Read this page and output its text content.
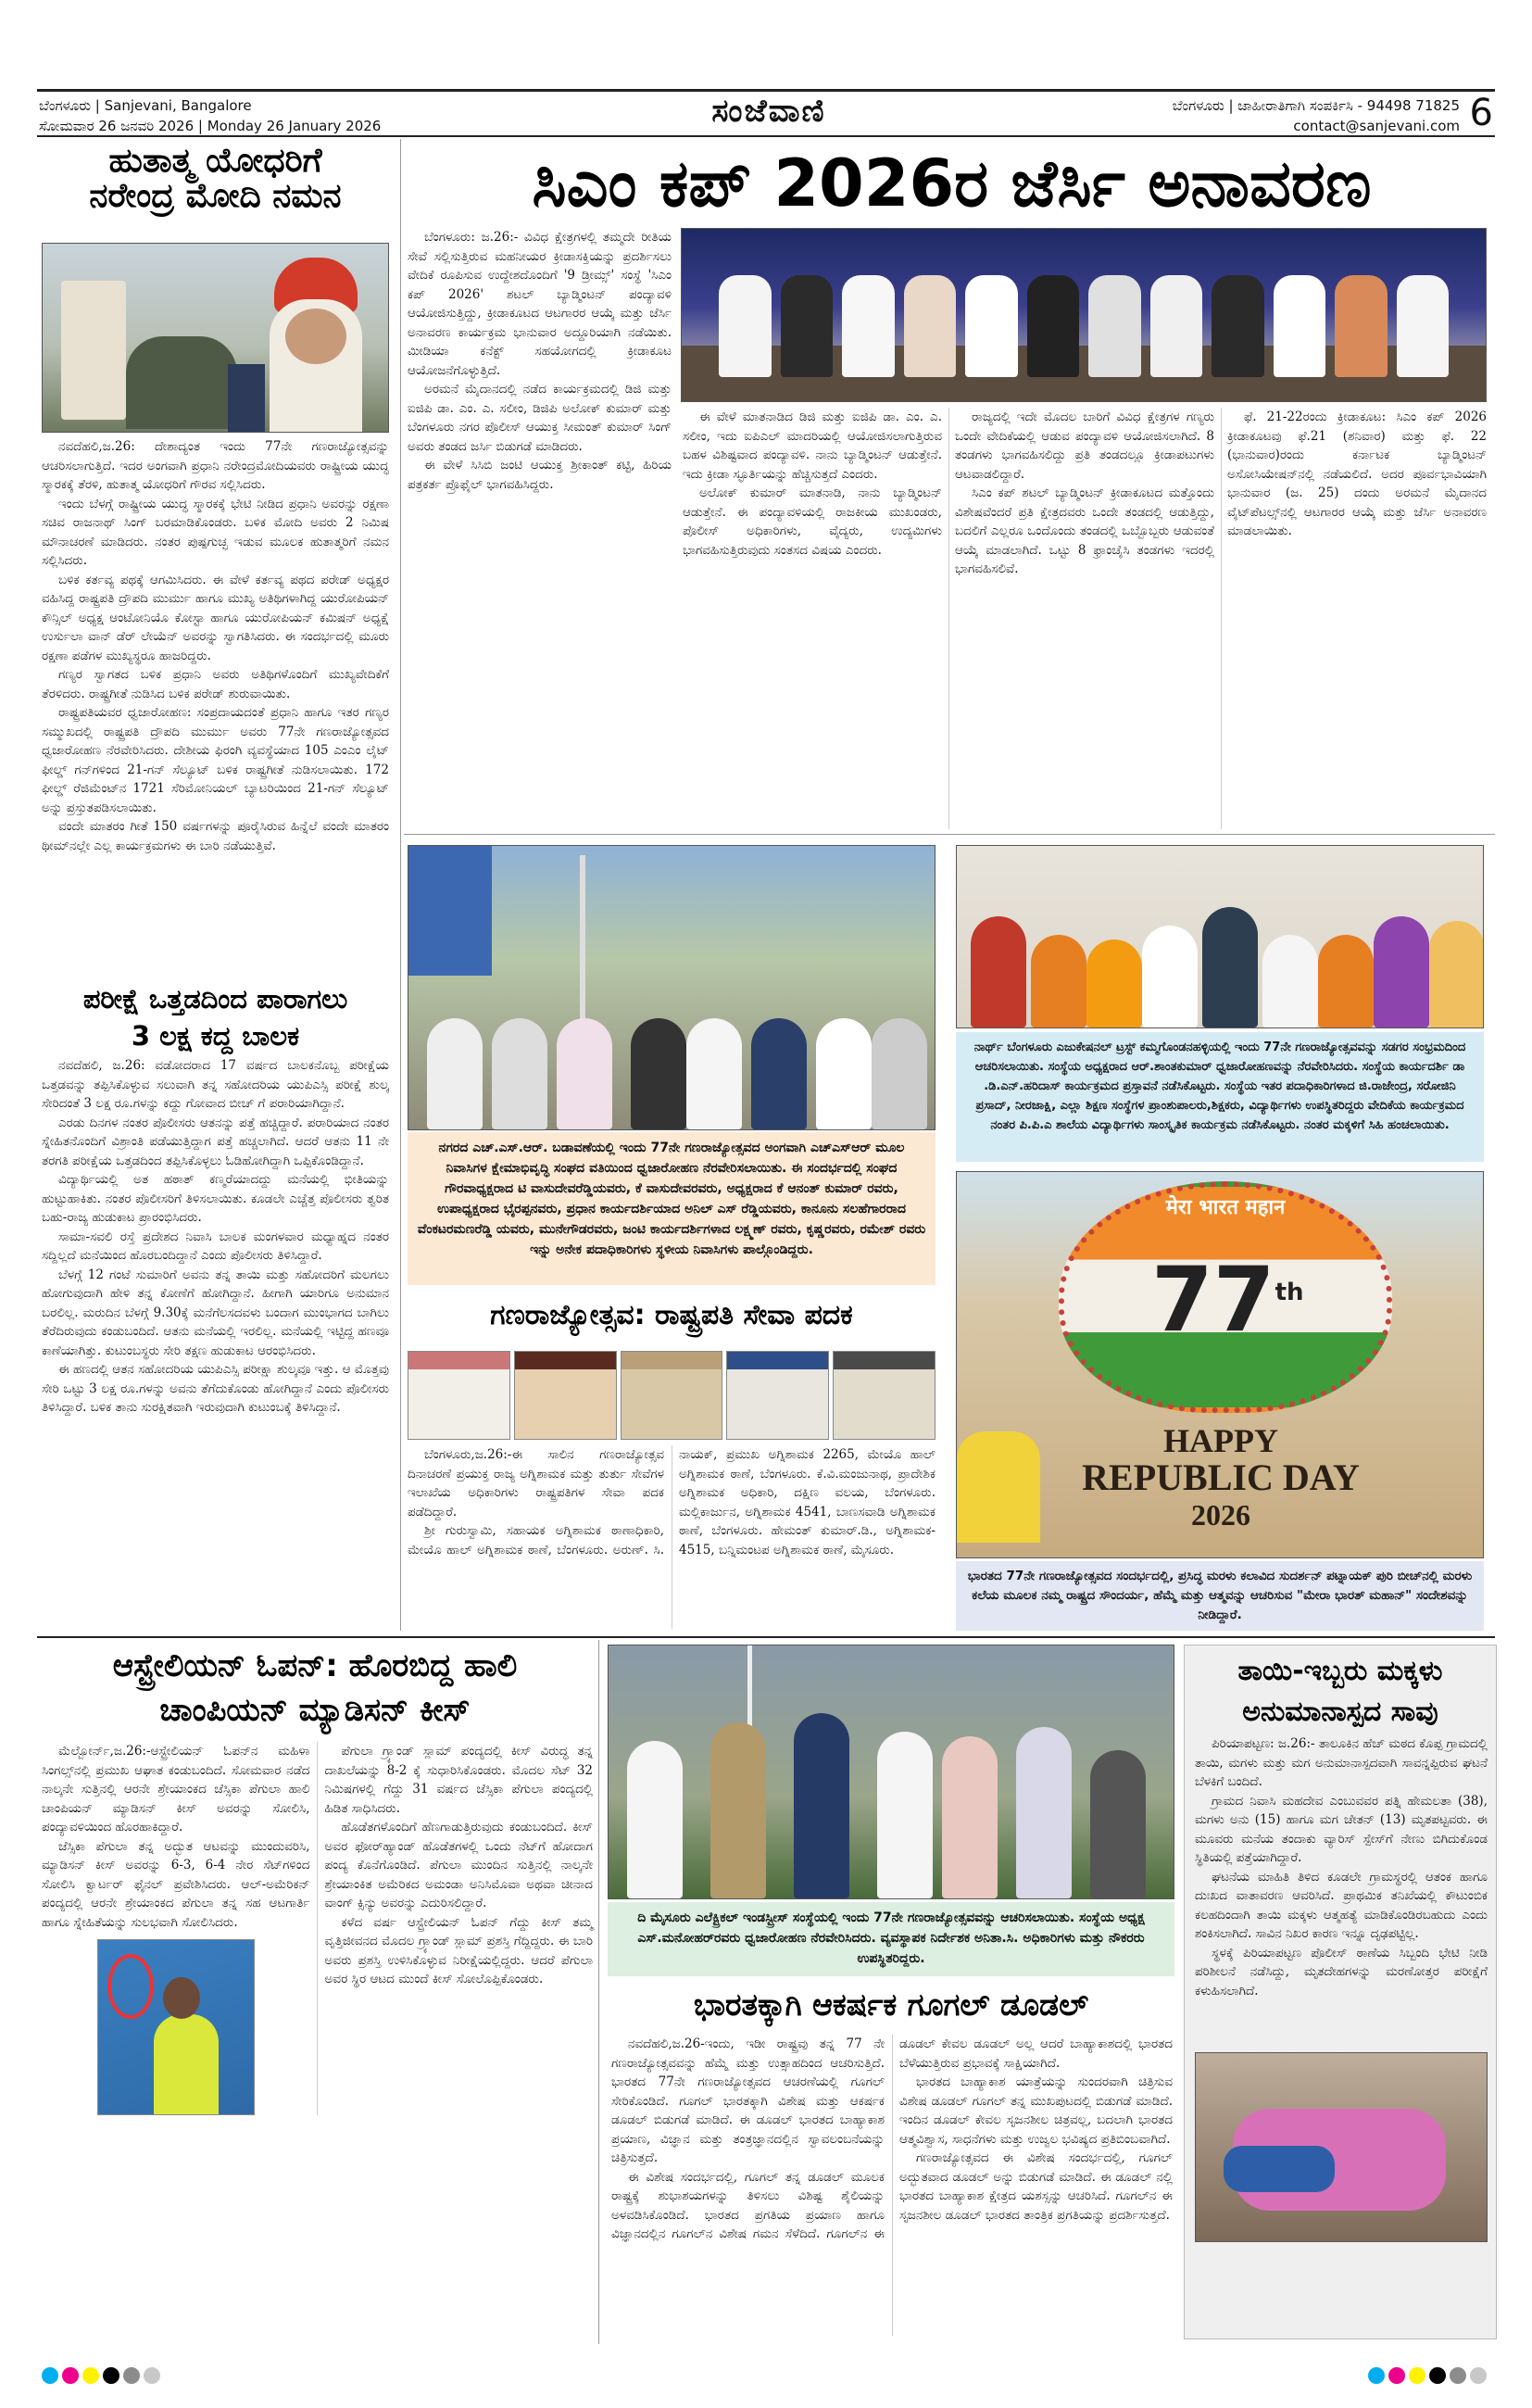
ಬೆಂಗಳೂರು | Sanjevani, Bangalore
ಸೋಮವಾರ 26 ಜನವರಿ 2026 | Monday 26 January 2026	ಸಂಜೆವಾಣಿ	ಬೆಂಗಳೂರು | ಜಾಹೀರಾತಿಗಾಗಿ ಸಂಪರ್ಕಿಸಿ - 94498 71825
contact@sanjevani.com 6
ಹುತಾತ್ಮ ಯೋಧರಿಗೆ
ನರೇಂದ್ರ ಮೋದಿ ನಮನ

ನವದೆಹಲಿ,ಜ.26: ದೇಶಾದ್ಯಂತ ಇಂದು 77ನೇ ಗಣರಾಜ್ಯೋತ್ಸವನ್ನು ಆಚರಿಸಲಾಗುತ್ತಿದೆ. ಇದರ ಅಂಗವಾಗಿ ಪ್ರಧಾನಿ ನರೇಂದ್ರಮೋದಿಯವರು ರಾಷ್ಟ್ರೀಯ ಯುದ್ಧ ಸ್ಮಾರಕಕ್ಕೆ ತೆರಳಿ, ಹುತಾತ್ಮ ಯೋಧರಿಗೆ ಗೌರವ ಸಲ್ಲಿಸಿದರು.

ಇಂದು ಬೆಳಗ್ಗೆ ರಾಷ್ಟ್ರೀಯ ಯುದ್ಧ ಸ್ಮಾರಕಕ್ಕೆ ಭೇಟಿ ನೀಡಿದ ಪ್ರಧಾನಿ ಅವರನ್ನು ರಕ್ಷಣಾ ಸಚಿವ ರಾಜನಾಥ್ ಸಿಂಗ್ ಬರಮಾಡಿಕೊಂಡರು. ಬಳಿಕ ಮೋದಿ ಅವರು 2 ನಿಮಿಷ ಮೌನಾಚರಣೆ ಮಾಡಿದರು. ನಂತರ ಪುಷ್ಪಗುಚ್ಛ ಇಡುವ ಮೂಲಕ ಹುತಾತ್ಮರಿಗೆ ನಮನ ಸಲ್ಲಿಸಿದರು.

ಬಳಿಕ ಕರ್ತವ್ಯ ಪಥಕ್ಕೆ ಆಗಮಿಸಿದರು. ಈ ವೇಳೆ ಕರ್ತವ್ಯ ಪಥದ ಪರೇಡ್ ಅಧ್ಯಕ್ಷರ ವಹಿಸಿದ್ದ ರಾಷ್ಟ್ರಪತಿ ದ್ರೌಪದಿ ಮುರ್ಮು ಹಾಗೂ ಮುಖ್ಯ ಅತಿಥಿಗಳಾಗಿದ್ದ ಯುರೋಪಿಯನ್ ಕೌನ್ಸಿಲ್ ಅಧ್ಯಕ್ಷ ಆಂಟೋನಿಯೊ ಕೋಸ್ಟಾ ಹಾಗೂ ಯುರೋಪಿಯನ್ ಕಮಿಷನ್ ಅಧ್ಯಕ್ಷೆ ಉರ್ಸುಲಾ ವಾನ್ ಡೆರ್ ಲೇಯೆನ್ ಅವರನ್ನು ಸ್ವಾಗತಿಸಿದರು. ಈ ಸಂದರ್ಭದಲ್ಲಿ ಮೂರು ರಕ್ಷಣಾ ಪಡೆಗಳ ಮುಖ್ಯಸ್ಥರೂ ಹಾಜರಿದ್ದರು.

ಗಣ್ಯರ ಸ್ವಾಗತದ ಬಳಿಕ ಪ್ರಧಾನಿ ಅವರು ಅತಿಥಿಗಳೊಂದಿಗೆ ಮುಖ್ಯವೇದಿಕೆಗೆ ತೆರಳಿದರು. ರಾಷ್ಟ್ರಗೀತೆ ನುಡಿಸಿದ ಬಳಿಕ ಪರೇಡ್ ಶುರುವಾಯಿತು.

ರಾಷ್ಟ್ರಪತಿಯವರ ಧ್ವಜಾರೋಹಣ: ಸಂಪ್ರದಾಯದಂತೆ ಪ್ರಧಾನಿ ಹಾಗೂ ಇತರ ಗಣ್ಯರ ಸಮ್ಮುಖದಲ್ಲಿ ರಾಷ್ಟ್ರಪತಿ ದ್ರೌಪದಿ ಮುರ್ಮು ಅವರು 77ನೇ ಗಣರಾಜ್ಯೋತ್ಸವದ ಧ್ವಜಾರೋಹಣ ನೆರವೇರಿಸಿದರು. ದೇಶೀಯ ಫಿರಂಗಿ ವ್ಯವಸ್ಥೆಯಾದ 105 ಎಂಎಂ ಲೈಟ್ ಫೀಲ್ಡ್ ಗನ್‌ಗಳಿಂದ 21-ಗನ್ ಸೆಲ್ಯೂಟ್ ಬಳಿಕ ರಾಷ್ಟ್ರಗೀತೆ ನುಡಿಸಲಾಯಿತು. 172 ಫೀಲ್ಡ್ ರೆಜಿಮೆಂಟ್‌ನ 1721 ಸೆರಿಮೋನಿಯಲ್ ಬ್ಯಾಟರಿಯಿಂದ 21-ಗನ್ ಸೆಲ್ಯೂಟ್ ಅನ್ನು ಪ್ರಸ್ತುತಪಡಿಸಲಾಯಿತು.

ವಂದೇ ಮಾತರಂ ಗೀತೆ 150 ವರ್ಷಗಳನ್ನು ಪೂರೈಸಿರುವ ಹಿನ್ನೆಲೆ ವಂದೇ ಮಾತರಂ ಥೀಮ್‌ನಲ್ಲೇ ಎಲ್ಲ ಕಾರ್ಯಕ್ರಮಗಳು ಈ ಬಾರಿ ನಡೆಯುತ್ತಿವೆ.

ಪರೀಕ್ಷೆ ಒತ್ತಡದಿಂದ ಪಾರಾಗಲು
3 ಲಕ್ಷ ಕದ್ದ ಬಾಲಕ

ನವದೆಹಲಿ, ಜ.26: ವಡೋದರಾದ 17 ವರ್ಷದ ಬಾಲಕನೊಬ್ಬ ಪರೀಕ್ಷೆಯ ಒತ್ತಡವನ್ನು ತಪ್ಪಿಸಿಕೊಳ್ಳುವ ಸಲುವಾಗಿ ತನ್ನ ಸಹೋದರಿಯ ಯುಪಿಎಸ್ಸಿ ಪರೀಕ್ಷೆ ಶುಲ್ಕ ಸೇರಿದಂತೆ 3 ಲಕ್ಷ ರೂ.ಗಳನ್ನು ಕದ್ದು ಗೋವಾದ ಬೀಚ್ ಗೆ ಪರಾರಿಯಾಗಿದ್ದಾನೆ.

ಎರಡು ದಿನಗಳ ನಂತರ ಪೊಲೀಸರು ಆತನನ್ನು ಪತ್ತೆ ಹಚ್ಚಿದ್ದಾರೆ. ಪರಾರಿಯಾದ ನಂತರ ಸ್ನೇಹಿತನೊಂದಿಗೆ ವಿಶ್ರಾಂತಿ ಪಡೆಯುತ್ತಿದ್ದಾಗ ಪತ್ತೆ ಹಚ್ಚಲಾಗಿದೆ. ಆದರೆ ಆತನು 11 ನೇ ತರಗತಿ ಪರೀಕ್ಷೆಯ ಒತ್ತಡದಿಂದ ತಪ್ಪಿಸಿಕೊಳ್ಳಲು ಓಡಿಹೋಗಿದ್ದಾಗಿ ಒಪ್ಪಿಕೊಂಡಿದ್ದಾನೆ.

ವಿದ್ಯಾರ್ಥಿಯಲ್ಲಿ ಅತ ಹಠಾತ್ ಕಣ್ಮರೆಯಾದದ್ದು ಮನೆಯಲ್ಲಿ ಭೀತಿಯನ್ನು ಹುಟ್ಟುಹಾಕಿತು. ನಂತರ ಪೊಲೀಸರಿಗೆ ತಿಳಿಸಲಾಯಿತು. ಕೂಡಲೇ ಎಚ್ಚೆತ್ತ ಪೊಲೀಸರು ತ್ವರಿತ ಬಹು-ರಾಜ್ಯ ಹುಡುಕಾಟ ಪ್ರಾರಂಭಿಸಿದರು.

ಸಾಮಾ-ಸವಲಿ ರಸ್ತೆ ಪ್ರದೇಶದ ನಿವಾಸಿ ಬಾಲಕ ಮಂಗಳವಾರ ಮಧ್ಯಾಹ್ನದ ನಂತರ ಸದ್ದಿಲ್ಲದೆ ಮನೆಯಿಂದ ಹೊರಬಂದಿದ್ದಾನೆ ಎಂದು ಪೊಲೀಸರು ತಿಳಿಸಿದ್ದಾರೆ.

ಬೆಳಗ್ಗೆ 12 ಗಂಟೆ ಸುಮಾರಿಗೆ ಅವನು ತನ್ನ ತಾಯಿ ಮತ್ತು ಸಹೋದರಿಗೆ ಮಲಗಲು ಹೋಗುವುದಾಗಿ ಹೇಳಿ ತನ್ನ ಕೋಣೆಗೆ ಹೋಗಿದ್ದಾನೆ. ಹೀಗಾಗಿ ಯಾರಿಗೂ ಅನುಮಾನ ಬರಲಿಲ್ಲ. ಮರುದಿನ ಬೆಳಗ್ಗೆ 9.30ಕ್ಕೆ ಮನೆಗೆಲಸದವಳು ಬಂದಾಗ ಮುಂಭಾಗದ ಬಾಗಿಲು ತೆರೆದಿರುವುದು ಕಂಡುಬಂದಿದೆ. ಆತನು ಮನೆಯಲ್ಲಿ ಇರಲಿಲ್ಲ. ಮನೆಯಲ್ಲಿ ಇಟ್ಟಿದ್ದ ಹಣವೂ ಕಾಣೆಯಾಗಿತ್ತು. ಕುಟುಂಬಸ್ಥರು ಸೇರಿ ತಕ್ಷಣ ಹುಡುಕಾಟ ಆರಂಭಿಸಿದರು.

ಈ ಹಣದಲ್ಲಿ ಆತನ ಸಹೋದರಿಯ ಯುಪಿಎಸ್ಸಿ ಪರೀಕ್ಷಾ ಶುಲ್ಕವೂ ಇತ್ತು. ಆ ಮೊತ್ತವು ಸೇರಿ ಒಟ್ಟು 3 ಲಕ್ಷ ರೂ.ಗಳನ್ನು ಅವನು ತೆಗೆದುಕೊಂಡು ಹೋಗಿದ್ದಾನೆ ಎಂದು ಪೊಲೀಸರು ತಿಳಿಸಿದ್ದಾರೆ. ಬಳಿಕ ತಾನು ಸುರಕ್ಷಿತವಾಗಿ ಇರುವುದಾಗಿ ಕುಟುಂಬಕ್ಕೆ ತಿಳಿಸಿದ್ದಾನೆ.

ಸಿಎಂ ಕಪ್ 2026ರ ಜೆರ್ಸಿ ಅನಾವರಣ

ಬೆಂಗಳೂರು: ಜ.26:- ವಿವಿಧ ಕ್ಷೇತ್ರಗಳಲ್ಲಿ ತಮ್ಮದೇ ರೀತಿಯ ಸೇವೆ ಸಲ್ಲಿಸುತ್ತಿರುವ ಮಹನೀಯರ ಕ್ರೀಡಾಸಕ್ತಿಯನ್ನು ಪ್ರದರ್ಶಿಸಲು ವೇದಿಕೆ ರೂಪಿಸುವ ಉದ್ದೇಶದೊಂದಿಗೆ '9 ಡ್ರೀಮ್ಸ್' ಸಂಸ್ಥೆ 'ಸಿಎಂ ಕಪ್ 2026' ಶಟಲ್ ಬ್ಯಾಡ್ಮಿಂಟನ್ ಪಂದ್ಯಾವಳಿ ಆಯೋಜಿಸುತ್ತಿದ್ದು, ಕ್ರೀಡಾಕೂಟದ ಆಟಗಾರರ ಆಯ್ಕೆ ಮತ್ತು ಜೆರ್ಸಿ ಅನಾವರಣ ಕಾರ್ಯಕ್ರಮ ಭಾನುವಾರ ಅದ್ದೂರಿಯಾಗಿ ನಡೆಯಿತು. ಮೀಡಿಯಾ ಕನೆಕ್ಟ್ ಸಹಯೋಗದಲ್ಲಿ ಕ್ರೀಡಾಕೂಟ ಆಯೋಜನೆಗೊಳ್ಳುತ್ತಿದೆ.

ಅರಮನೆ ಮೈದಾನದಲ್ಲಿ ನಡೆದ ಕಾರ್ಯಕ್ರಮದಲ್ಲಿ ಡಿಜಿ ಮತ್ತು ಐಜಿಪಿ ಡಾ. ಎಂ. ಎ. ಸಲೀಂ, ಡಿಜಿಪಿ ಅಲೋಕ್ ಕುಮಾರ್ ಮತ್ತು ಬೆಂಗಳೂರು ನಗರ ಪೊಲೀಸ್ ಆಯುಕ್ತ ಸೀಮಂತ್ ಕುಮಾರ್ ಸಿಂಗ್ ಅವರು ತಂಡದ ಜರ್ಸಿ ಬಿಡುಗಡೆ ಮಾಡಿದರು.

ಈ ವೇಳೆ ಸಿಸಿಬಿ ಜಂಟಿ ಆಯುಕ್ತ ಶ್ರೀಕಾಂತ್ ಕಟ್ಟಿ, ಹಿರಿಯ ಪತ್ರಕರ್ತ ಪ್ರೊಫೈಲ್ ಭಾಗವಹಿಸಿದ್ದರು.

ಈ ವೇಳೆ ಮಾತನಾಡಿದ ಡಿಜಿ ಮತ್ತು ಐಜಿಪಿ ಡಾ. ಎಂ. ಎ. ಸಲೀಂ, ಇದು ಐಪಿಎಲ್ ಮಾದರಿಯಲ್ಲಿ ಆಯೋಜಿಸಲಾಗುತ್ತಿರುವ ಬಹಳ ವಿಶಿಷ್ಟವಾದ ಪಂದ್ಯಾವಳಿ. ನಾನು ಬ್ಯಾಡ್ಮಿಂಟನ್ ಆಡುತ್ತೇನೆ. ಇದು ಕ್ರೀಡಾ ಸ್ಫೂರ್ತಿಯನ್ನು ಹೆಚ್ಚಿಸುತ್ತದೆ ಎಂದರು.

ಅಲೋಕ್ ಕುಮಾರ್ ಮಾತನಾಡಿ, ನಾನು ಬ್ಯಾಡ್ಮಿಂಟನ್ ಆಡುತ್ತೇನೆ. ಈ ಪಂದ್ಯಾವಳಿಯಲ್ಲಿ ರಾಜಕೀಯ ಮುಖಂಡರು, ಪೊಲೀಸ್ ಅಧಿಕಾರಿಗಳು, ವೈದ್ಯರು, ಉದ್ಯಮಿಗಳು ಭಾಗವಹಿಸುತ್ತಿರುವುದು ಸಂತಸದ ವಿಷಯ ಎಂದರು.

ರಾಜ್ಯದಲ್ಲಿ ಇದೇ ಮೊದಲ ಬಾರಿಗೆ ವಿವಿಧ ಕ್ಷೇತ್ರಗಳ ಗಣ್ಯರು ಒಂದೇ ವೇದಿಕೆಯಲ್ಲಿ ಆಡುವ ಪಂದ್ಯಾವಳಿ ಆಯೋಜಿಸಲಾಗಿದೆ. 8 ತಂಡಗಳು ಭಾಗವಹಿಸಲಿದ್ದು ಪ್ರತಿ ತಂಡದಲ್ಲೂ ಕ್ರೀಡಾಪಟುಗಳು ಆಟವಾಡಲಿದ್ದಾರೆ.

ಸಿಎಂ ಕಪ್ ಶಟಲ್ ಬ್ಯಾಡ್ಮಿಂಟನ್ ಕ್ರೀಡಾಕೂಟದ ಮತ್ತೊಂದು ವಿಶೇಷವೆಂದರೆ ಪ್ರತಿ ಕ್ಷೇತ್ರದವರು ಒಂದೇ ತಂಡದಲ್ಲಿ ಆಡುತ್ತಿದ್ದು, ಬದಲಿಗೆ ಎಲ್ಲರೂ ಒಂದೊಂದು ತಂಡದಲ್ಲಿ ಒಬ್ಬೊಬ್ಬರು ಆಡುವಂತೆ ಆಯ್ಕೆ ಮಾಡಲಾಗಿದೆ. ಒಟ್ಟು 8 ಫ್ರಾಂಚೈಸಿ ತಂಡಗಳು ಇದರಲ್ಲಿ ಭಾಗವಹಿಸಲಿವೆ.

ಫೆ. 21-22ರಂದು ಕ್ರೀಡಾಕೂಟ: ಸಿಎಂ ಕಪ್ 2026 ಕ್ರೀಡಾಕೂಟವು ಫೆ.21 (ಶನಿವಾರ) ಮತ್ತು ಫೆ. 22 (ಭಾನುವಾರ)ರಂದು ಕರ್ನಾಟಕ ಬ್ಯಾಡ್ಮಿಂಟನ್ ಅಸೋಸಿಯೇಷನ್‌ನಲ್ಲಿ ನಡೆಯಲಿದೆ. ಅದರ ಪೂರ್ವಭಾವಿಯಾಗಿ ಭಾನುವಾರ (ಜ. 25) ದಂದು ಅರಮನೆ ಮೈದಾನದ ವೈಟ್‌ಪೆಟಲ್ಸ್‌ನಲ್ಲಿ ಆಟಗಾರರ ಆಯ್ಕೆ ಮತ್ತು ಜೆರ್ಸಿ ಅನಾವರಣ ಮಾಡಲಾಯಿತು.

ನಗರದ ಎಚ್.ಎಸ್.ಆರ್. ಬಡಾವಣೆಯಲ್ಲಿ ಇಂದು 77ನೇ ಗಣರಾಜ್ಯೋತ್ಸವದ ಅಂಗವಾಗಿ ಎಚ್‌ಎಸ್‌ಆರ್ ಮೂಲ ನಿವಾಸಿಗಳ ಕ್ಷೇಮಾಭಿವೃದ್ಧಿ ಸಂಘದ ವತಿಯಿಂದ ಧ್ವಜಾರೋಹಣ ನೆರವೇರಿಸಲಾಯಿತು. ಈ ಸಂದರ್ಭದಲ್ಲಿ ಸಂಘದ ಗೌರವಾಧ್ಯಕ್ಷರಾದ ಟಿ ವಾಸುದೇವರೆಡ್ಡಿಯವರು, ಕೆ ವಾಸುದೇವರವರು, ಅಧ್ಯಕ್ಷರಾದ ಕೆ ಆನಂತ್ ಕುಮಾರ್ ರವರು, ಉಪಾಧ್ಯಕ್ಷರಾದ ಭೈರಪ್ಪನವರು, ಪ್ರಧಾನ ಕಾರ್ಯದರ್ಶಿಯಾದ ಅನಿಲ್ ಎಸ್ ರೆಡ್ಡಿಯವರು, ಕಾನೂನು ಸಲಹೆಗಾರರಾದ ವೆಂಕಟರಮಣರೆಡ್ಡಿ ಯವರು, ಮುನೇಗೌಡರವರು, ಜಂಟಿ ಕಾರ್ಯದರ್ಶಿಗಳಾದ ಲಕ್ಷ್ಮಣ್ ರವರು, ಕೃಷ್ಣರವರು, ರಮೇಶ್ ರವರು ಇನ್ನು ಅನೇಕ ಪದಾಧಿಕಾರಿಗಳು ಸ್ಥಳೀಯ ನಿವಾಸಿಗಳು ಪಾಲ್ಗೊಂಡಿದ್ದರು.
ಗಣರಾಜ್ಯೋತ್ಸವ: ರಾಷ್ಟ್ರಪತಿ ಸೇವಾ ಪದಕ

ಬೆಂಗಳೂರು,ಜ.26:-ಈ ಸಾಲಿನ ಗಣರಾಜ್ಯೋತ್ಸವ ದಿನಾಚರಣೆ ಪ್ರಯುಕ್ತ ರಾಜ್ಯ ಅಗ್ನಿಶಾಮಕ ಮತ್ತು ತುರ್ತು ಸೇವೆಗಳ ಇಲಾಖೆಯ ಅಧಿಕಾರಿಗಳು ರಾಷ್ಟ್ರಪತಿಗಳ ಸೇವಾ ಪದಕ ಪಡೆದಿದ್ದಾರೆ.

ಶ್ರೀ ಗುರುಸ್ವಾಮಿ, ಸಹಾಯಕ ಅಗ್ನಿಶಾಮಕ ಠಾಣಾಧಿಕಾರಿ, ಮೇಯೊ ಹಾಲ್ ಅಗ್ನಿಶಾಮಕ ಠಾಣೆ, ಬೆಂಗಳೂರು. ಅರುಣ್. ಸಿ. ನಾಯಕ್, ಪ್ರಮುಖ ಅಗ್ನಿಶಾಮಕ 2265, ಮೇಯೊ ಹಾಲ್ ಅಗ್ನಿಶಾಮಕ ಠಾಣೆ, ಬೆಂಗಳೂರು. ಕೆ.ವಿ.ಮಂಜುನಾಥ, ಪ್ರಾದೇಶಿಕ ಅಗ್ನಿಶಾಮಕ ಅಧಿಕಾರಿ, ದಕ್ಷಿಣ ವಲಯ, ಬೆಂಗಳೂರು. ಮಲ್ಲಿಕಾರ್ಜುನ, ಅಗ್ನಿಶಾಮಕ 4541, ಬಾಣಸವಾಡಿ ಅಗ್ನಿಶಾಮಕ ಠಾಣೆ, ಬೆಂಗಳೂರು. ಹೇಮಂತ್ ಕುಮಾರ್.ಡಿ., ಅಗ್ನಿಶಾಮಕ- 4515, ಬನ್ನಿಮಂಟಪ ಅಗ್ನಿಶಾಮಕ ಠಾಣೆ, ಮೈಸೂರು.

ನಾರ್ಥ್ ಬೆಂಗಳೂರು ಎಜುಕೇಷನಲ್ ಟ್ರಸ್ಟ್ ಕಮ್ಮಗೊಂಡನಹಳ್ಳಿಯಲ್ಲಿ ಇಂದು 77ನೇ ಗಣರಾಜ್ಯೋತ್ಸವವನ್ನು ಸಡಗರ ಸಂಭ್ರಮದಿಂದ ಆಚರಿಸಲಾಯಿತು. ಸಂಸ್ಥೆಯ ಅಧ್ಯಕ್ಷರಾದ ಆರ್.ಶಾಂತಕುಮಾರ್ ಧ್ವಜಾರೋಹಣವನ್ನು ನೆರವೇರಿಸಿದರು. ಸಂಸ್ಥೆಯ ಕಾರ್ಯದರ್ಶಿ ಡಾ .ಡಿ.ಎನ್.ಹರಿದಾಸ್ ಕಾರ್ಯಕ್ರಮದ ಪ್ರಸ್ತಾವನೆ ನಡೆಸಿಕೊಟ್ಟರು. ಸಂಸ್ಥೆಯ ಇತರ ಪದಾಧಿಕಾರಿಗಳಾದ ಜಿ.ರಾಜೇಂದ್ರ, ಸರೋಜಿನಿ ಪ್ರಸಾದ್, ನೀರಜಾಕ್ಷಿ, ಎಲ್ಲಾ ಶಿಕ್ಷಣ ಸಂಸ್ಥೆಗಳ ಪ್ರಾಂಶುಪಾಲರು,ಶಿಕ್ಷಕರು, ವಿದ್ಯಾರ್ಥಿಗಳು ಉಪಸ್ಥಿತರಿದ್ದರು ವೇದಿಕೆಯ ಕಾರ್ಯಕ್ರಮದ ನಂತರ ಪಿ.ಪಿ.ಎ ಶಾಲೆಯ ವಿದ್ಯಾರ್ಥಿಗಳು ಸಾಂಸ್ಕೃತಿಕ ಕಾರ್ಯಕ್ರಮ ನಡೆಸಿಕೊಟ್ಟರು. ನಂತರ ಮಕ್ಕಳಿಗೆ ಸಿಹಿ ಹಂಚಲಾಯಿತು.
मेरा भारत महान
77th
HAPPY
REPUBLIC DAY
2026
ಭಾರತದ 77ನೇ ಗಣರಾಜ್ಯೋತ್ಸವದ ಸಂದರ್ಭದಲ್ಲಿ, ಪ್ರಸಿದ್ಧ ಮರಳು ಕಲಾವಿದ ಸುದರ್ಶನ್ ಪಟ್ನಾಯಕ್ ಪುರಿ ಬೀಚ್‌ನಲ್ಲಿ ಮರಳು ಕಲೆಯ ಮೂಲಕ ನಮ್ಮ ರಾಷ್ಟ್ರದ ಸೌಂದರ್ಯ, ಹೆಮ್ಮೆ ಮತ್ತು ಆತ್ಮವನ್ನು ಆಚರಿಸುವ "ಮೇರಾ ಭಾರತ್ ಮಹಾನ್" ಸಂದೇಶವನ್ನು ನೀಡಿದ್ದಾರೆ.
ಆಸ್ಟ್ರೇಲಿಯನ್ ಓಪನ್: ಹೊರಬಿದ್ದ ಹಾಲಿ
ಚಾಂಪಿಯನ್ ಮ್ಯಾಡಿಸನ್ ಕೀಸ್

ಮೆಲ್ಬೋರ್ನ್,ಜ.26:-ಆಸ್ಟ್ರೇಲಿಯನ್ ಓಪನ್‌ನ ಮಹಿಳಾ ಸಿಂಗಲ್ಸ್‌ನಲ್ಲಿ ಪ್ರಮುಖ ಆಘಾತ ಕಂಡುಬಂದಿದೆ. ಸೋಮವಾರ ನಡೆದ ನಾಲ್ಕನೇ ಸುತ್ತಿನಲ್ಲಿ ಆರನೇ ಶ್ರೇಯಾಂಕದ ಜೆಸ್ಸಿಕಾ ಪೆಗುಲಾ ಹಾಲಿ ಚಾಂಪಿಯನ್ ಮ್ಯಾಡಿಸನ್ ಕೀಸ್ ಅವರನ್ನು ಸೋಲಿಸಿ, ಪಂದ್ಯಾವಳಿಯಿಂದ ಹೊರಹಾಕಿದ್ದಾರೆ.

ಜೆಸ್ಸಿಕಾ ಪೆಗುಲಾ ತನ್ನ ಅದ್ಭುತ ಆಟವನ್ನು ಮುಂದುವರಿಸಿ, ಮ್ಯಾಡಿಸನ್ ಕೀಸ್ ಅವರನ್ನು 6-3, 6-4 ನೇರ ಸೆಟ್‌ಗಳಿಂದ ಸೋಲಿಸಿ ಕ್ವಾರ್ಟರ್ ಫೈನಲ್ ಪ್ರವೇಶಿಸಿದರು. ಆಲ್-ಅಮೆರಿಕನ್ ಪಂದ್ಯದಲ್ಲಿ ಆರನೇ ಶ್ರೇಯಾಂಕದ ಪೆಗುಲಾ ತನ್ನ ಸಹ ಆಟಗಾರ್ತಿ ಹಾಗೂ ಸ್ನೇಹಿತೆಯನ್ನು ಸುಲಭವಾಗಿ ಸೋಲಿಸಿದರು.

ಪೆಗುಲಾ ಗ್ರ್ಯಾಂಡ್ ಸ್ಲಾಮ್ ಪಂದ್ಯದಲ್ಲಿ ಕೀಸ್ ವಿರುದ್ಧ ತನ್ನ ದಾಖಲೆಯನ್ನು 8-2 ಕ್ಕೆ ಸುಧಾರಿಸಿಕೊಂಡರು. ಮೊದಲ ಸೆಟ್ 32 ನಿಮಿಷಗಳಲ್ಲಿ ಗೆದ್ದು 31 ವರ್ಷದ ಜೆಸ್ಸಿಕಾ ಪೆಗುಲಾ ಪಂದ್ಯದಲ್ಲಿ ಹಿಡಿತ ಸಾಧಿಸಿದರು.

ಹೊಡೆತಗಳೊಂದಿಗೆ ಹೆಣಗಾಡುತ್ತಿರುವುದು ಕಂಡುಬಂದಿದೆ. ಕೀಸ್ ಅವರ ಫೋರ್‌ಹ್ಯಾಂಡ್ ಹೊಡೆತಗಳಲ್ಲಿ ಒಂದು ನೆಟ್‌ಗೆ ಹೋದಾಗ ಪಂದ್ಯ ಕೊನೆಗೊಂಡಿದೆ. ಪೆಗುಲಾ ಮುಂದಿನ ಸುತ್ತಿನಲ್ಲಿ ನಾಲ್ಕನೇ ಶ್ರೇಯಾಂಕಿತ ಅಮೆರಿಕದ ಅಮಂಡಾ ಅನಿಸಿಮೊವಾ ಅಥವಾ ಚೀನಾದ ವಾಂಗ್ ಕ್ಸಿನ್ಯು ಅವರನ್ನು ಎದುರಿಸಲಿದ್ದಾರೆ.

ಕಳೆದ ವರ್ಷ ಆಸ್ಟ್ರೇಲಿಯನ್ ಓಪನ್ ಗೆದ್ದು ಕೀಸ್ ತಮ್ಮ ವೃತ್ತಿಜೀವನದ ಮೊದಲ ಗ್ರ್ಯಾಂಡ್ ಸ್ಲಾಮ್ ಪ್ರಶಸ್ತಿ ಗೆದ್ದಿದ್ದರು. ಈ ಬಾರಿ ಅವರು ಪ್ರಶಸ್ತಿ ಉಳಿಸಿಕೊಳ್ಳುವ ನಿರೀಕ್ಷೆಯಲ್ಲಿದ್ದರು. ಆದರೆ ಪೆಗುಲಾ ಅವರ ಸ್ಥಿರ ಆಟದ ಮುಂದೆ ಕೀಸ್ ಸೋಲೊಪ್ಪಿಕೊಂಡರು.

ದಿ ಮೈಸೂರು ಎಲೆಕ್ಟ್ರಿಕಲ್ ಇಂಡಸ್ಟ್ರೀಸ್ ಸಂಸ್ಥೆಯಲ್ಲಿ ಇಂದು 77ನೇ ಗಣರಾಜ್ಯೋತ್ಸವವನ್ನು ಆಚರಿಸಲಾಯಿತು. ಸಂಸ್ಥೆಯ ಅಧ್ಯಕ್ಷ ಎಸ್.ಮನೋಹರ್‌ರವರು ಧ್ವಜಾರೋಹಣ ನೆರವೇರಿಸಿದರು. ವ್ಯವಸ್ಥಾಪಕ ನಿರ್ದೇಶಕ ಅನಿತಾ.ಸಿ. ಅಧಿಕಾರಿಗಳು ಮತ್ತು ನೌಕರರು ಉಪಸ್ಥಿತರಿದ್ದರು.
ಭಾರತಕ್ಕಾಗಿ ಆಕರ್ಷಕ ಗೂಗಲ್ ಡೂಡಲ್

ನವದೆಹಲಿ,ಜ.26-ಇಂದು, ಇಡೀ ರಾಷ್ಟ್ರವು ತನ್ನ 77 ನೇ ಗಣರಾಜ್ಯೋತ್ಸವವನ್ನು ಹೆಮ್ಮೆ ಮತ್ತು ಉತ್ಸಾಹದಿಂದ ಆಚರಿಸುತ್ತಿದೆ. ಭಾರತದ 77ನೇ ಗಣರಾಜ್ಯೋತ್ಸವದ ಆಚರಣೆಯಲ್ಲಿ ಗೂಗಲ್ ಸೇರಿಕೊಂಡಿದೆ. ಗೂಗಲ್ ಭಾರತಕ್ಕಾಗಿ ವಿಶೇಷ ಮತ್ತು ಆಕರ್ಷಕ ಡೂಡಲ್ ಬಿಡುಗಡೆ ಮಾಡಿದೆ. ಈ ಡೂಡಲ್ ಭಾರತದ ಬಾಹ್ಯಾಕಾಶ ಪ್ರಯಾಣ, ವಿಜ್ಞಾನ ಮತ್ತು ತಂತ್ರಜ್ಞಾನದಲ್ಲಿನ ಸ್ವಾವಲಂಬನೆಯನ್ನು ಚಿತ್ರಿಸುತ್ತದೆ.

ಈ ವಿಶೇಷ ಸಂದರ್ಭದಲ್ಲಿ, ಗೂಗಲ್ ತನ್ನ ಡೂಡಲ್ ಮೂಲಕ ರಾಷ್ಟ್ರಕ್ಕೆ ಶುಭಾಶಯಗಳನ್ನು ತಿಳಿಸಲು ವಿಶಿಷ್ಟ ಶೈಲಿಯನ್ನು ಅಳವಡಿಸಿಕೊಂಡಿದೆ. ಭಾರತದ ಪ್ರಗತಿಯ ಪ್ರಯಾಣ ಹಾಗೂ ವಿಜ್ಞಾನದಲ್ಲಿನ ಗೂಗಲ್‌ನ ವಿಶೇಷ ಗಮನ ಸೆಳೆದಿದೆ. ಗೂಗಲ್‌ನ ಈ ಡೂಡಲ್ ಕೇವಲ ಡೂಡಲ್ ಅಲ್ಲ ಆದರೆ ಬಾಹ್ಯಾಕಾಶದಲ್ಲಿ ಭಾರತದ ಬೆಳೆಯುತ್ತಿರುವ ಪ್ರಭಾವಕ್ಕೆ ಸಾಕ್ಷಿಯಾಗಿದೆ.

ಭಾರತದ ಬಾಹ್ಯಾಕಾಶ ಯಾತ್ರೆಯನ್ನು ಸುಂದರವಾಗಿ ಚಿತ್ರಿಸುವ ವಿಶೇಷ ಡೂಡಲ್ ಗೂಗಲ್ ತನ್ನ ಮುಖಪುಟದಲ್ಲಿ ಬಿಡುಗಡೆ ಮಾಡಿದೆ. ಇಂದಿನ ಡೂಡಲ್ ಕೇವಲ ಸೃಜನಶೀಲ ಚಿತ್ರವಲ್ಲ, ಬದಲಾಗಿ ಭಾರತದ ಆತ್ಮವಿಶ್ವಾಸ, ಸಾಧನೆಗಳು ಮತ್ತು ಉಜ್ವಲ ಭವಿಷ್ಯದ ಪ್ರತಿಬಿಂಬವಾಗಿದೆ.

ಗಣರಾಜ್ಯೋತ್ಸವದ ಈ ವಿಶೇಷ ಸಂದರ್ಭದಲ್ಲಿ, ಗೂಗಲ್ ಅದ್ಭುತವಾದ ಡೂಡಲ್ ಅನ್ನು ಬಿಡುಗಡೆ ಮಾಡಿದೆ. ಈ ಡೂಡಲ್ ನಲ್ಲಿ ಭಾರತದ ಬಾಹ್ಯಾಕಾಶ ಕ್ಷೇತ್ರದ ಯಶಸ್ಸನ್ನು ಆಚರಿಸಿದೆ. ಗೂಗಲ್‌ನ ಈ ಸೃಜನಶೀಲ ಡೂಡಲ್ ಭಾರತದ ತಾಂತ್ರಿಕ ಪ್ರಗತಿಯನ್ನು ಪ್ರದರ್ಶಿಸುತ್ತದೆ.

ತಾಯಿ-ಇಬ್ಬರು ಮಕ್ಕಳು
ಅನುಮಾನಾಸ್ಪದ ಸಾವು

ಪಿರಿಯಾಪಟ್ಟಣ: ಜ.26:- ತಾಲೂಕಿನ ಹೆಚ್ ಮಠದ ಕೊಪ್ಪ ಗ್ರಾಮದಲ್ಲಿ ತಾಯಿ, ಮಗಳು ಮತ್ತು ಮಗ ಅನುಮಾನಾಸ್ಪದವಾಗಿ ಸಾವನ್ನಪ್ಪಿರುವ ಘಟನೆ ಬೆಳಕಿಗೆ ಬಂದಿದೆ.

ಗ್ರಾಮದ ನಿವಾಸಿ ಮಹದೇವ ಎಂಬುವವರ ಪತ್ನಿ ಹೇಮಲತಾ (38), ಮಗಳು ಅನು (15) ಹಾಗೂ ಮಗ ಚೇತನ್ (13) ಮೃತಪಟ್ಟವರು. ಈ ಮೂವರು ಮನೆಯ ತಂದಾಕು ವ್ಯಾರಿಸ್ ಸ್ಪೇಸ್‌ಗೆ ನೇಣು ಬಿಗಿದುಕೊಂಡ ಸ್ಥಿತಿಯಲ್ಲಿ ಪತ್ತೆಯಾಗಿದ್ದಾರೆ.

ಘಟನೆಯ ಮಾಹಿತಿ ತಿಳಿದ ಕೂಡಲೇ ಗ್ರಾಮಸ್ಥರಲ್ಲಿ ಆತಂಕ ಹಾಗೂ ದುಃಖದ ವಾತಾವರಣ ಆವರಿಸಿದೆ. ಪ್ರಾಥಮಿಕ ತನಿಖೆಯಲ್ಲಿ ಕೌಟುಂಬಿಕ ಕಲಹದಿಂದಾಗಿ ತಾಯಿ ಮಕ್ಕಳು ಆತ್ಮಹತ್ಯೆ ಮಾಡಿಕೊಂಡಿರಬಹುದು ಎಂದು ಶಂಕಿಸಲಾಗಿದೆ. ಸಾವಿನ ನಿಖರ ಕಾರಣ ಇನ್ನೂ ದೃಢಪಟ್ಟಿಲ್ಲ.

ಸ್ಥಳಕ್ಕೆ ಪಿರಿಯಾಪಟ್ಟಣ ಪೊಲೀಸ್ ಠಾಣೆಯ ಸಿಬ್ಬಂದಿ ಭೇಟಿ ನೀಡಿ ಪರಿಶೀಲನೆ ನಡೆಸಿದ್ದು, ಮೃತದೇಹಗಳನ್ನು ಮರಣೋತ್ತರ ಪರೀಕ್ಷೆಗೆ ಕಳುಹಿಸಲಾಗಿದೆ.
